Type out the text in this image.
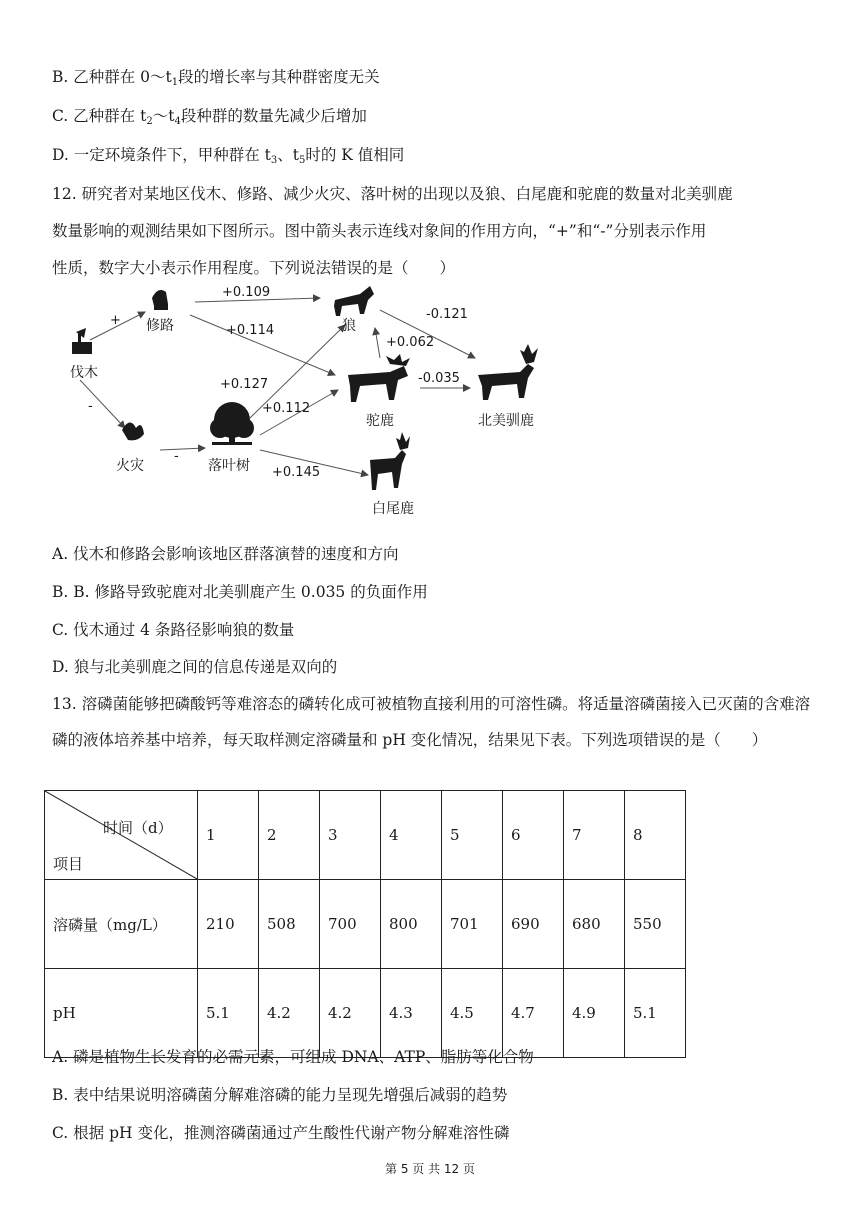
B. 乙种群在 $0\sim t_1$段的增长率与其种群密度无关
C. 乙种群在 $t_2\sim t_4$段种群的数量先减少后增加
D. 一定环境条件下，甲种群在 $t_3$、$t_5$时的 K 值相同
12. 研究者对某地区伐木、修路、减少火灾、落叶树的出现以及狼、白尾鹿和驼鹿的数量对北美驯鹿
数量影响的观测结果如下图所示。图中箭头表示连线对象间的作用方向，“+”和“-”分别表示作用
性质，数字大小表示作用程度。下列说法错误的是（　　）
伐木
修路
火灾	落叶树
狼
驼鹿	北美驯鹿
白尾鹿
+
-
-
+0.109
+0.114
-0.121
+0.062
-0.035
+0.127
+0.112
+0.145
A. 伐木和修路会影响该地区群落演替的速度和方向
B. B. 修路导致驼鹿对北美驯鹿产生 0.035 的负面作用
C. 伐木通过 4 条路径影响狼的数量
D. 狼与北美驯鹿之间的信息传递是双向的
13. 溶磷菌能够把磷酸钙等难溶态的磷转化成可被植物直接利用的可溶性磷。将适量溶磷菌接入已灭菌的含难溶磷的液体培养基中培养，每天取样测定溶磷量和 pH 变化情况，结果见下表。下列选项错误的是（　　）
时间（d）
项目	1	2	3	4	5	6	7	8
溶磷量（mg/L）	210	508	700	800	701	690	680	550
pH	5.1	4.2	4.2	4.3	4.5	4.7	4.9	5.1
A. 磷是植物生长发育的必需元素，可组成 DNA、ATP、脂肪等化合物
B. 表中结果说明溶磷菌分解难溶磷的能力呈现先增强后减弱的趋势
C. 根据 pH 变化，推测溶磷菌通过产生酸性代谢产物分解难溶性磷
第 5 页 共 12 页
